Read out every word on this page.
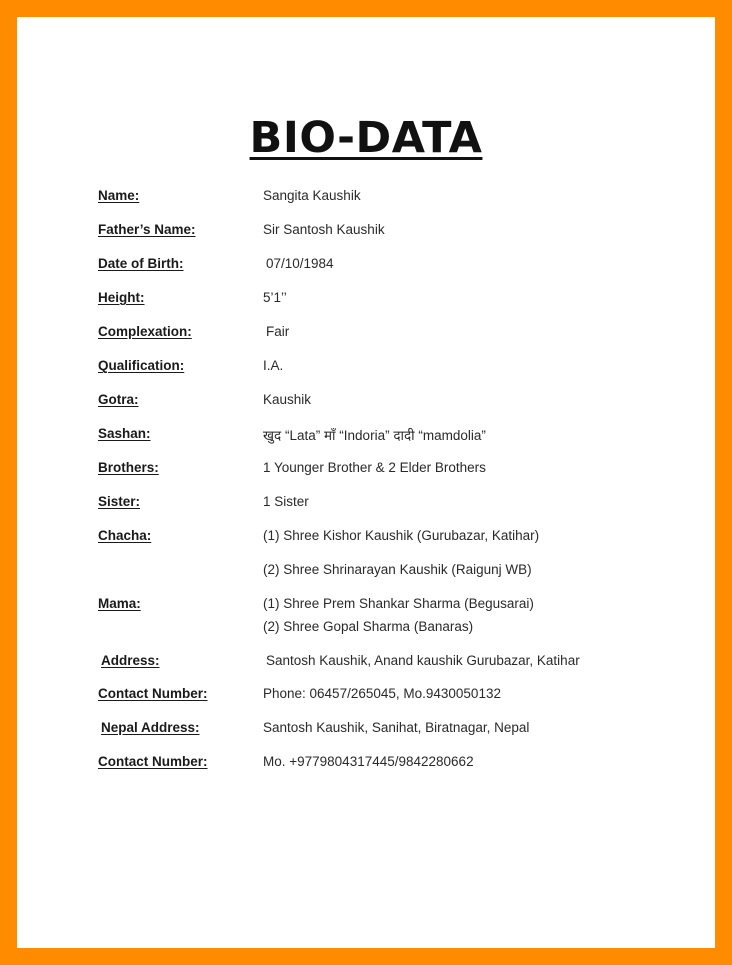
BIO-DATA
Name:	Sangita Kaushik
Father’s Name:	Sir Santosh Kaushik
Date of Birth:	07/10/1984
Height:	5’1’’
Complexation:	Fair
Qualification:	I.A.
Gotra:	Kaushik
Sashan:	खुद “Lata” माँ “Indoria” दादी “mamdolia”
Brothers:	1 Younger Brother & 2 Elder Brothers
Sister:	1 Sister
Chacha:	(1) Shree Kishor Kaushik (Gurubazar, Katihar)
(2) Shree Shrinarayan Kaushik (Raigunj WB)
Mama:	(1) Shree Prem Shankar Sharma (Begusarai)
(2) Shree Gopal Sharma (Banaras)
Address:	Santosh Kaushik, Anand kaushik Gurubazar, Katihar
Contact Number:	Phone: 06457/265045, Mo.9430050132
Nepal Address:	Santosh Kaushik, Sanihat, Biratnagar, Nepal
Contact Number:	Mo. +9779804317445/9842280662
